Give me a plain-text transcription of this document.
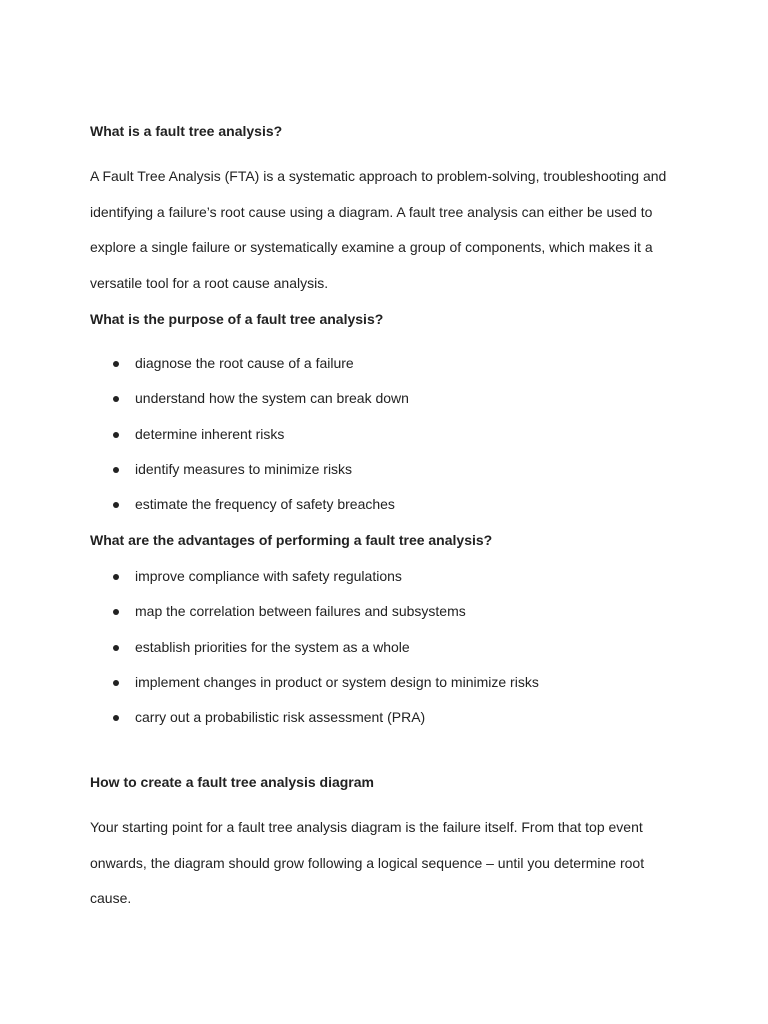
What is a fault tree analysis?
A Fault Tree Analysis (FTA) is a systematic approach to problem-solving, troubleshooting and
identifying a failure’s root cause using a diagram. A fault tree analysis can either be used to
explore a single failure or systematically examine a group of components, which makes it a
versatile tool for a root cause analysis.
What is the purpose of a fault tree analysis?
diagnose the root cause of a failure
understand how the system can break down
determine inherent risks
identify measures to minimize risks
estimate the frequency of safety breaches
What are the advantages of performing a fault tree analysis?
improve compliance with safety regulations
map the correlation between failures and subsystems
establish priorities for the system as a whole
implement changes in product or system design to minimize risks
carry out a probabilistic risk assessment (PRA)
How to create a fault tree analysis diagram
Your starting point for a fault tree analysis diagram is the failure itself. From that top event
onwards, the diagram should grow following a logical sequence – until you determine root
cause.
